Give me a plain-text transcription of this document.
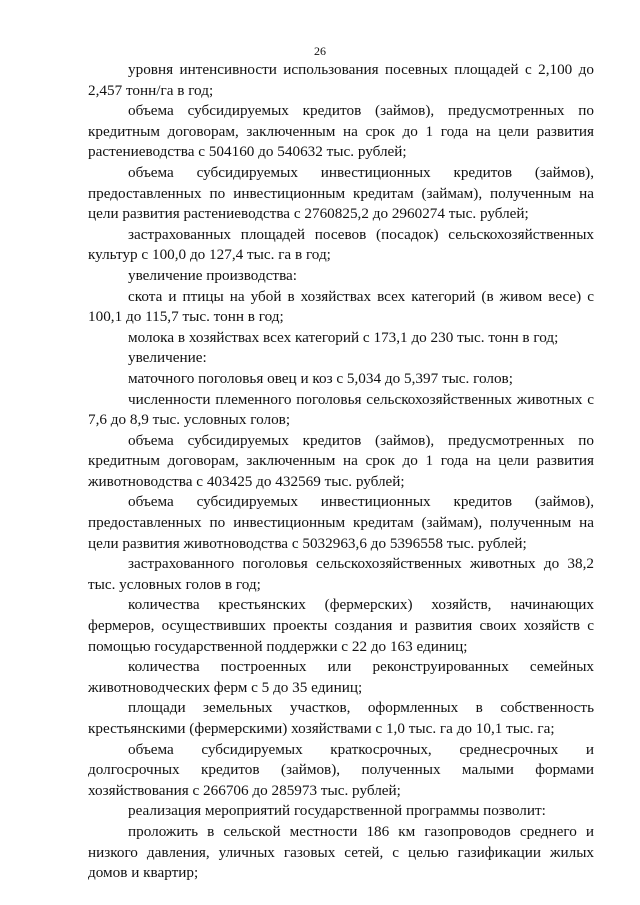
26

уровня интенсивности использования посевных площадей с 2,100 до 2,457 тонн/га в год;

объема субсидируемых кредитов (займов), предусмотренных по кредитным договорам, заключенным на срок до 1 года на цели развития растениеводства с 504160 до 540632 тыс. рублей;

объема субсидируемых инвестиционных кредитов (займов), предоставленных по инвестиционным кредитам (займам), полученным на цели развития растениеводства с 2760825,2 до 2960274 тыс. рублей;

застрахованных площадей посевов (посадок) сельскохозяйственных культур с 100,0 до 127,4 тыс. га в год;

увеличение производства:

скота и птицы на убой в хозяйствах всех категорий (в живом весе) с 100,1 до 115,7 тыс. тонн в год;

молока в хозяйствах всех категорий с 173,1 до 230 тыс. тонн в год;

увеличение:

маточного поголовья овец и коз с 5,034 до 5,397 тыс. голов;

численности племенного поголовья сельскохозяйственных животных с 7,6 до 8,9 тыс. условных голов;

объема субсидируемых кредитов (займов), предусмотренных по кредитным договорам, заключенным на срок до 1 года на цели развития животноводства с 403425 до 432569 тыс. рублей;

объема субсидируемых инвестиционных кредитов (займов), предоставленных по инвестиционным кредитам (займам), полученным на цели развития животноводства с 5032963,6 до 5396558 тыс. рублей;

застрахованного поголовья сельскохозяйственных животных до 38,2 тыс. условных голов в год;

количества крестьянских (фермерских) хозяйств, начинающих фермеров, осуществивших проекты создания и развития своих хозяйств с помощью государственной поддержки с 22 до 163 единиц;

количества построенных или реконструированных семейных животноводческих ферм с 5 до 35 единиц;

площади земельных участков, оформленных в собственность крестьянскими (фермерскими) хозяйствами с 1,0 тыс. га до 10,1 тыс. га;

объема субсидируемых краткосрочных, среднесрочных и долгосрочных кредитов (займов), полученных малыми формами хозяйствования с 266706 до 285973 тыс. рублей;

реализация мероприятий государственной программы позволит:

проложить в сельской местности 186 км газопроводов среднего и низкого давления, уличных газовых сетей, с целью газификации жилых домов и квартир;
